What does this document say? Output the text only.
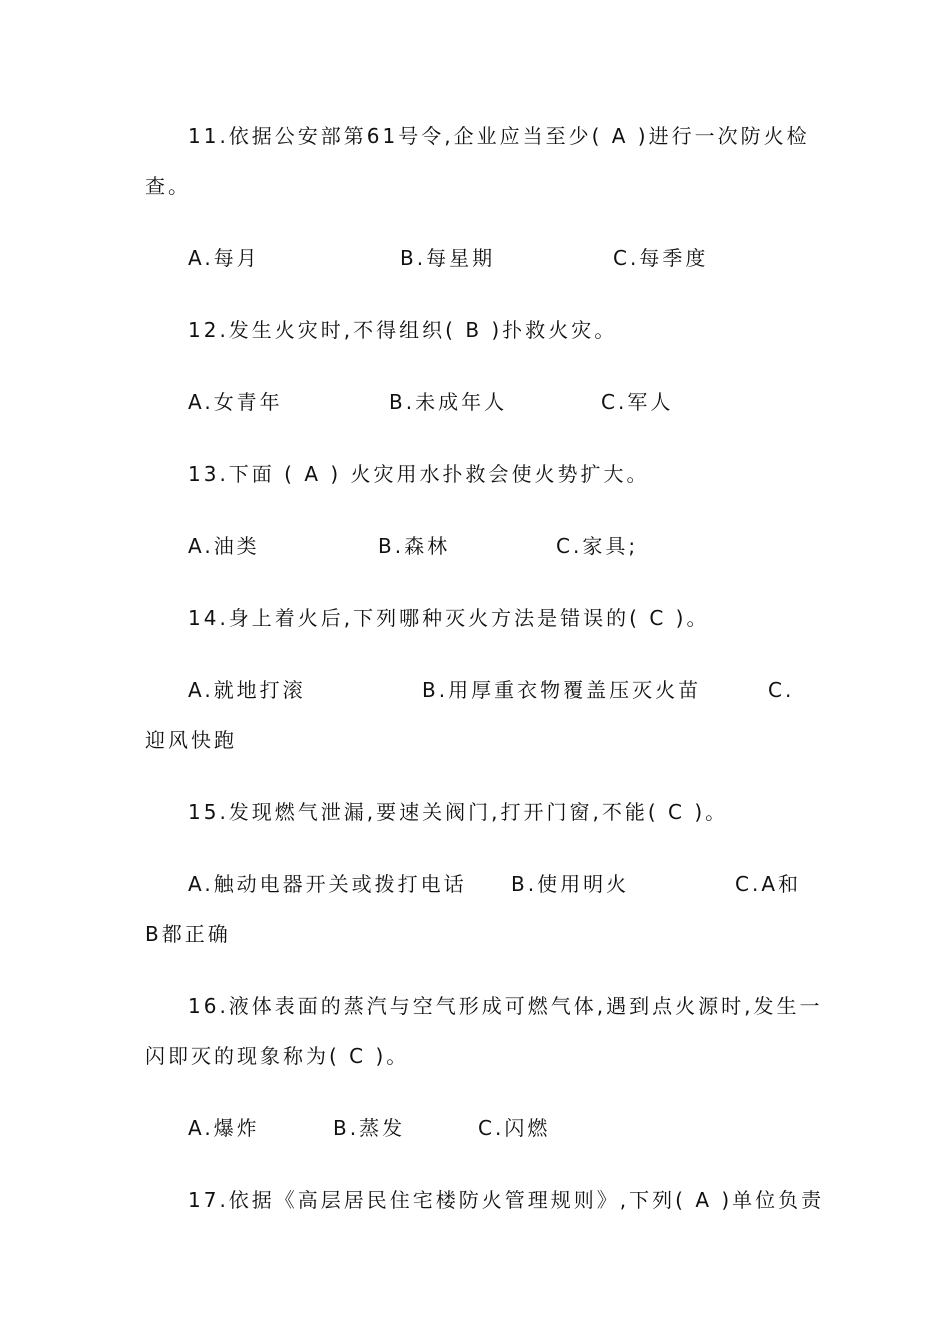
11.依据公安部第61号令,企业应当至少( A )进行一次防火检
查。
A.每月	B.每星期	C.每季度
12.发生火灾时,不得组织( B )扑救火灾。
A.女青年	B.未成年人	C.军人
13.下面 ( A ) 火灾用水扑救会使火势扩大。
A.油类	B.森林	C.家具;
14.身上着火后,下列哪种灭火方法是错误的( C )。
A.就地打滚	B.用厚重衣物覆盖压灭火苗	C.
迎风快跑
15.发现燃气泄漏,要速关阀门,打开门窗,不能( C )。
A.触动电器开关或拨打电话 B.使用明火	C.A和
B都正确
16.液体表面的蒸汽与空气形成可燃气体,遇到点火源时,发生一
闪即灭的现象称为( C )。
A.爆炸	B.蒸发	C.闪燃
17.依据《高层居民住宅楼防火管理规则》,下列( A )单位负责
